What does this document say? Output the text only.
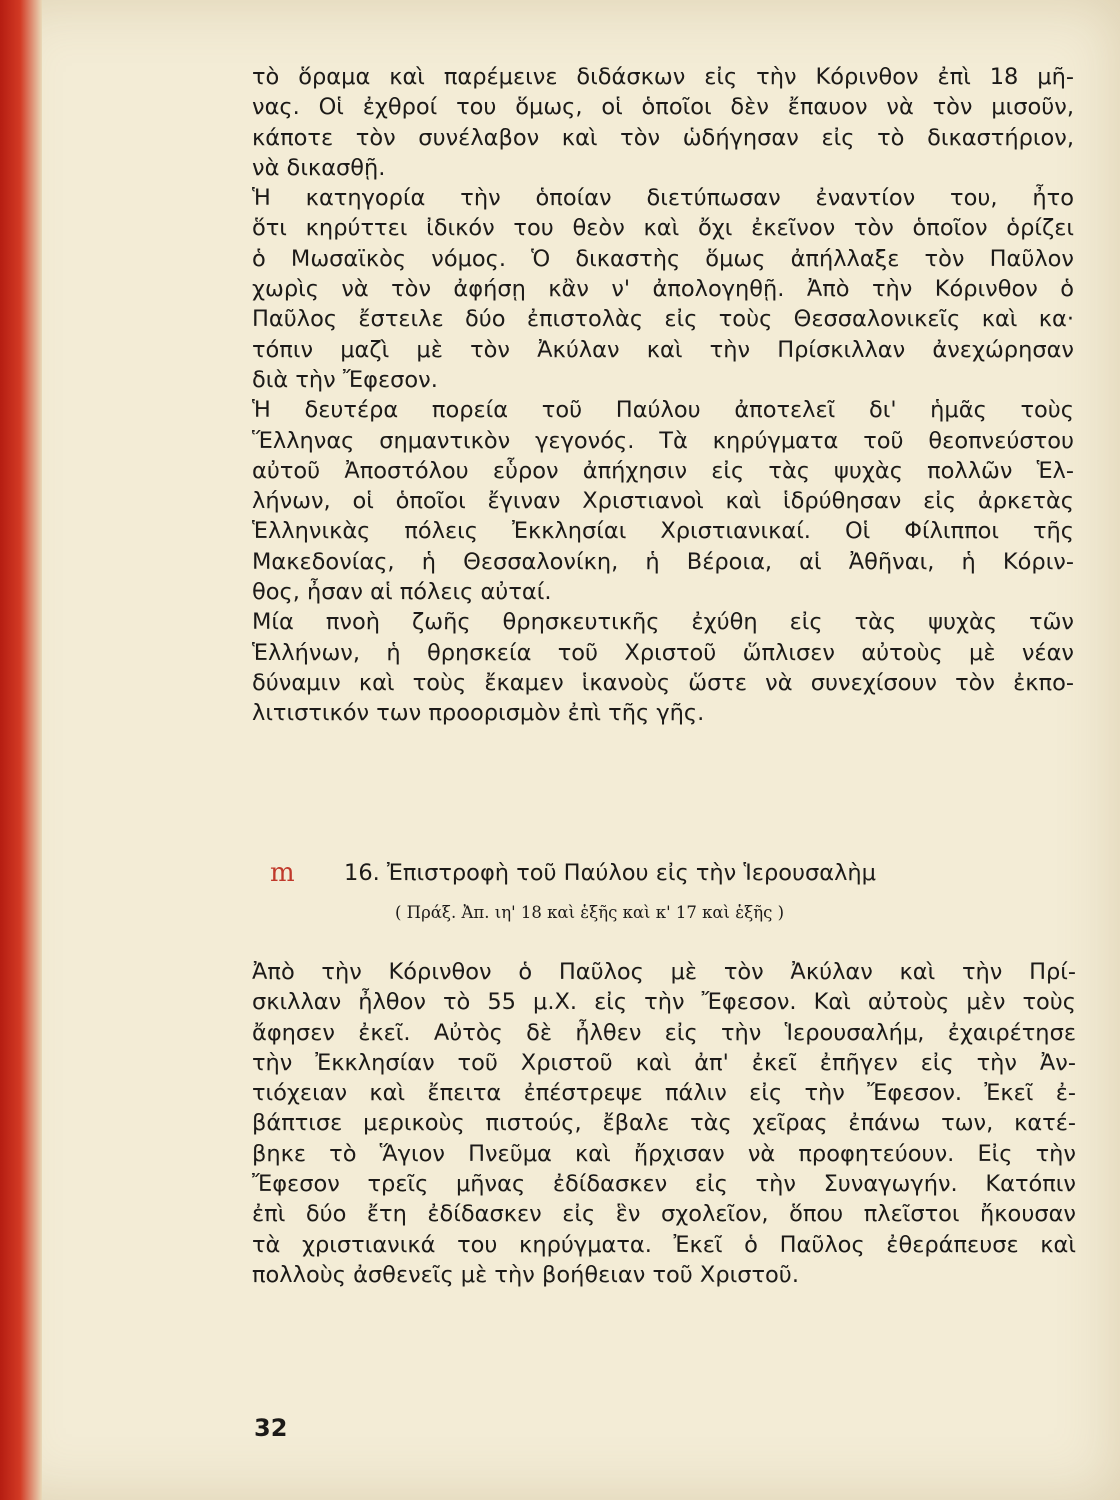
τὸ ὅραμα καὶ παρέμεινε διδάσκων εἰς τὴν Κόρινθον ἐπὶ 18 μῆ-
νας. Οἱ ἐχθροί του ὅμως, οἱ ὁποῖοι δὲν ἔπαυον νὰ τὸν μισοῦν,
κάποτε τὸν συνέλαβον καὶ τὸν ὡδήγησαν εἰς τὸ δικαστήριον,
νὰ δικασθῇ.
Ἡ κατηγορία τὴν ὁποίαν διετύπωσαν ἐναντίον του, ἦτο
ὅτι κηρύττει ἰδικόν του θεὸν καὶ ὄχι ἐκεῖνον τὸν ὁποῖον ὁρίζει
ὁ Μωσαϊκὸς νόμος. Ὁ δικαστὴς ὅμως ἀπήλλαξε τὸν Παῦλον
χωρὶς νὰ τὸν ἀφήσῃ κἂν ν' ἀπολογηθῇ. Ἀπὸ τὴν Κόρινθον ὁ
Παῦλος ἔστειλε δύο ἐπιστολὰς εἰς τοὺς Θεσσαλονικεῖς καὶ κα·
τόπιν μαζὶ μὲ τὸν Ἀκύλαν καὶ τὴν Πρίσκιλλαν ἀνεχώρησαν
διὰ τὴν Ἔφεσον.
Ἡ δευτέρα πορεία τοῦ Παύλου ἀποτελεῖ δι' ἡμᾶς τοὺς
Ἕλληνας σημαντικὸν γεγονός. Τὰ κηρύγματα τοῦ θεοπνεύστου
αὐτοῦ Ἀποστόλου εὗρον ἀπήχησιν εἰς τὰς ψυχὰς πολλῶν Ἑλ-
λήνων, οἱ ὁποῖοι ἔγιναν Χριστιανοὶ καὶ ἱδρύθησαν εἰς ἀρκετὰς
Ἑλληνικὰς πόλεις Ἐκκλησίαι Χριστιανικαί. Οἱ Φίλιπποι τῆς
Μακεδονίας, ἡ Θεσσαλονίκη, ἡ Βέροια, αἱ Ἀθῆναι, ἡ Κόριν-
θος, ἦσαν αἱ πόλεις αὐταί.
Μία πνοὴ ζωῆς θρησκευτικῆς ἐχύθη εἰς τὰς ψυχὰς τῶν
Ἑλλήνων, ἡ θρησκεία τοῦ Χριστοῦ ὥπλισεν αὐτοὺς μὲ νέαν
δύναμιν καὶ τοὺς ἔκαμεν ἱκανοὺς ὥστε νὰ συνεχίσουν τὸν ἐκπο-
λιτιστικόν των προορισμὸν ἐπὶ τῆς γῆς.
m 16. Ἐπιστροφὴ τοῦ Παύλου εἰς τὴν Ἱερουσαλὴμ
( Πράξ. Ἀπ. ιη' 18 καὶ ἑξῆς καὶ κ' 17 καὶ ἑξῆς )
Ἀπὸ τὴν Κόρινθον ὁ Παῦλος μὲ τὸν Ἀκύλαν καὶ τὴν Πρί-
σκιλλαν ἦλθον τὸ 55 μ.Χ. εἰς τὴν Ἔφεσον. Καὶ αὐτοὺς μὲν τοὺς
ἄφησεν ἐκεῖ. Αὐτὸς δὲ ἦλθεν εἰς τὴν Ἱερουσαλήμ, ἐχαιρέτησε
τὴν Ἐκκλησίαν τοῦ Χριστοῦ καὶ ἀπ' ἐκεῖ ἐπῆγεν εἰς τὴν Ἀν-
τιόχειαν καὶ ἔπειτα ἐπέστρεψε πάλιν εἰς τὴν Ἔφεσον. Ἐκεῖ ἐ-
βάπτισε μερικοὺς πιστούς, ἔβαλε τὰς χεῖρας ἐπάνω των, κατέ-
βηκε τὸ Ἅγιον Πνεῦμα καὶ ἤρχισαν νὰ προφητεύουν. Εἰς τὴν
Ἔφεσον τρεῖς μῆνας ἐδίδασκεν εἰς τὴν Συναγωγήν. Κατόπιν
ἐπὶ δύο ἔτη ἐδίδασκεν εἰς ἓν σχολεῖον, ὅπου πλεῖστοι ἤκουσαν
τὰ χριστιανικά του κηρύγματα. Ἐκεῖ ὁ Παῦλος ἐθεράπευσε καὶ
πολλοὺς ἀσθενεῖς μὲ τὴν βοήθειαν τοῦ Χριστοῦ.
32
